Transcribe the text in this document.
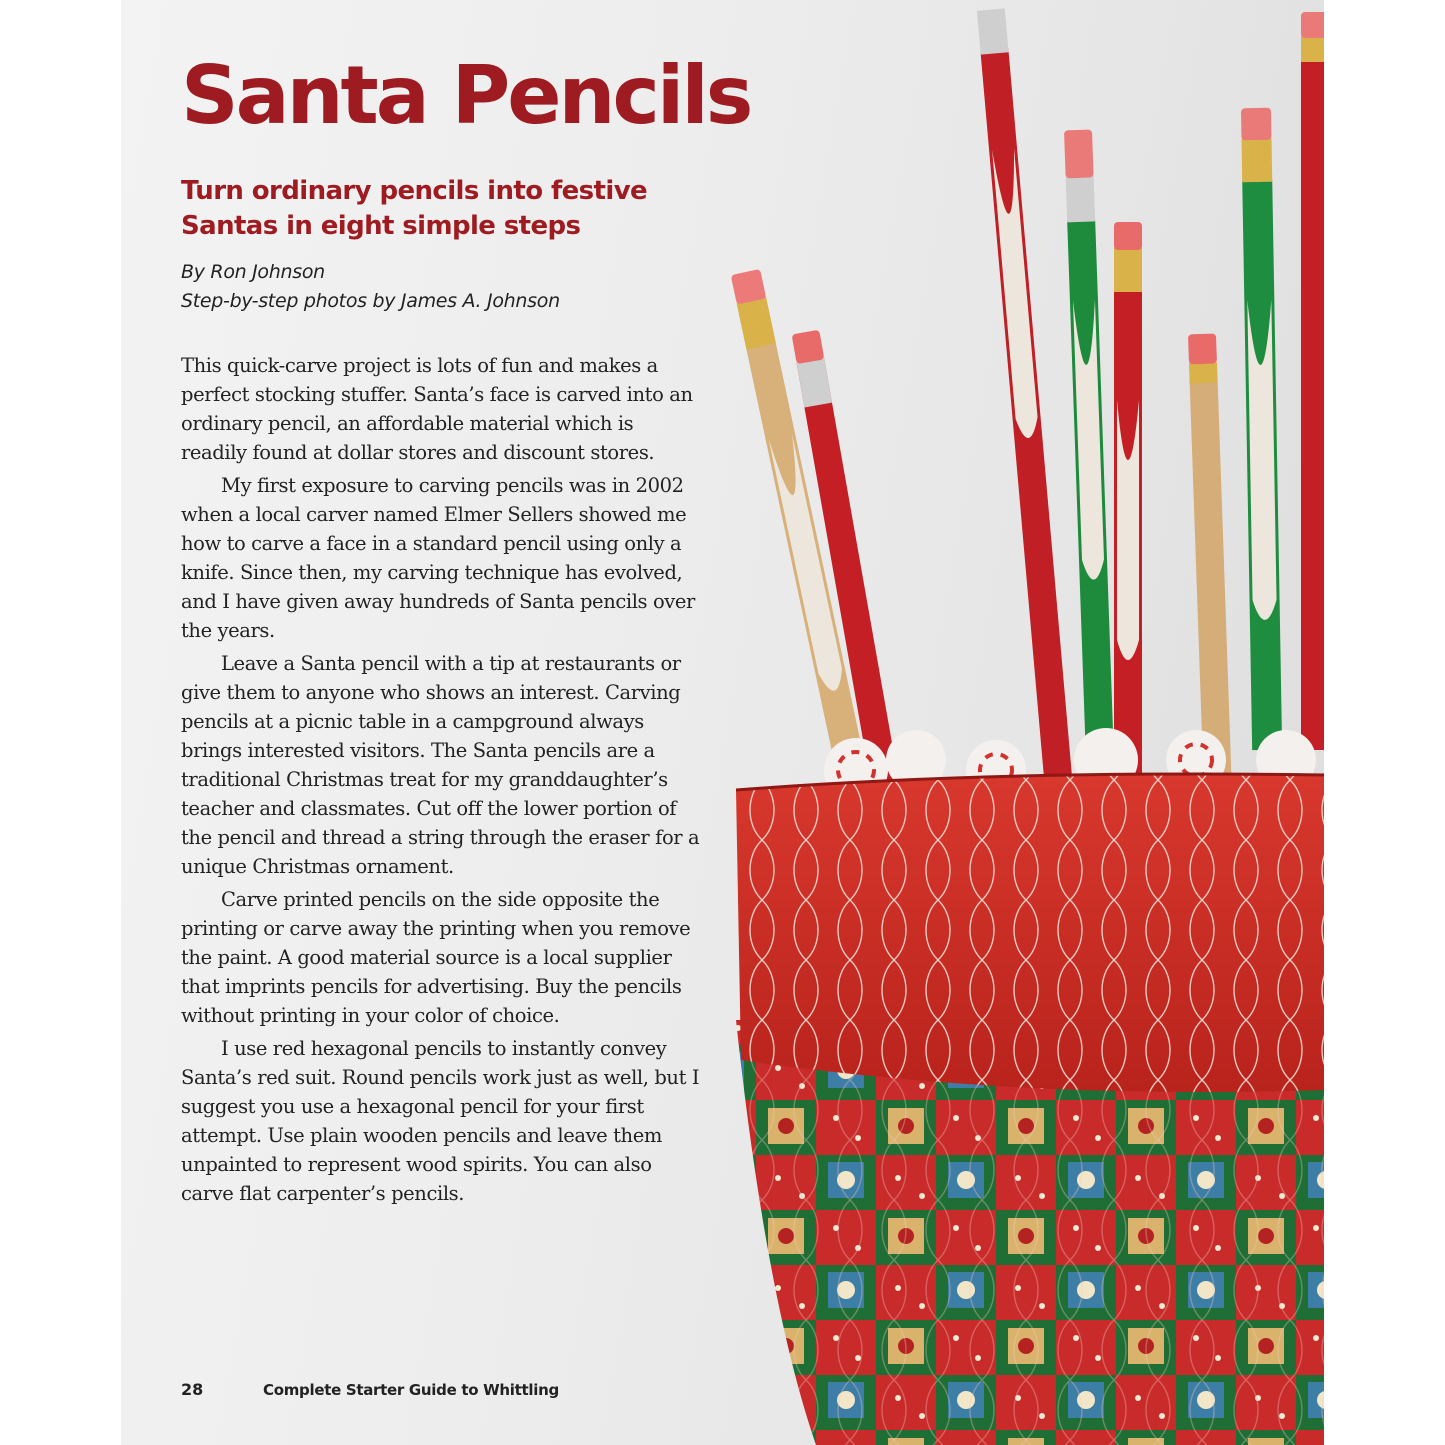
Santa Pencils
Turn ordinary pencils into festive Santas in eight simple steps
By Ron Johnson
Step-by-step photos by James A. Johnson

This quick-carve project is lots of fun and makes a perfect stocking stuffer. Santa’s face is carved into an ordinary pencil, an affordable material which is readily found at dollar stores and discount stores.

My first exposure to carving pencils was in 2002 when a local carver named Elmer Sellers showed me how to carve a face in a standard pencil using only a knife. Since then, my carving technique has evolved, and I have given away hundreds of Santa pencils over the years.

Leave a Santa pencil with a tip at restaurants or give them to anyone who shows an interest. Carving pencils at a picnic table in a campground always brings interested visitors. The Santa pencils are a traditional Christmas treat for my granddaughter’s teacher and classmates. Cut off the lower portion of the pencil and thread a string through the eraser for a unique Christmas ornament.

Carve printed pencils on the side opposite the printing or carve away the printing when you remove the paint. A good material source is a local supplier that imprints pencils for advertising. Buy the pencils without printing in your color of choice.

I use red hexagonal pencils to instantly convey Santa’s red suit. Round pencils work just as well, but I suggest you use a hexagonal pencil for your first attempt. Use plain wooden pencils and leave them unpainted to represent wood spirits. You can also carve flat carpenter’s pencils.

28	Complete Starter Guide to Whittling
